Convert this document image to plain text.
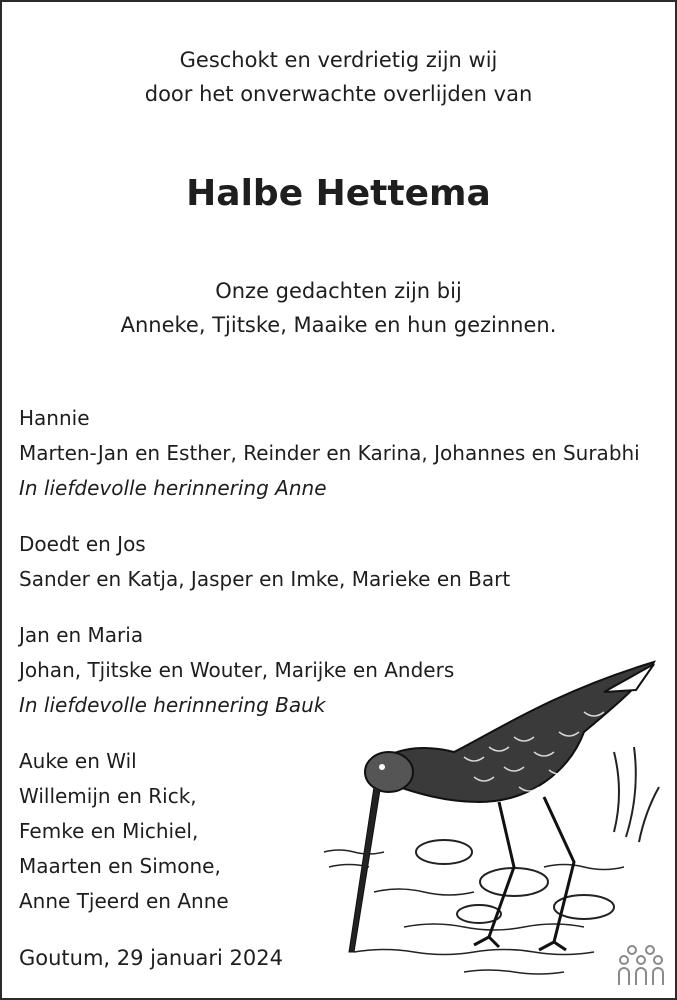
Geschokt en verdrietig zijn wij
door het onverwachte overlijden van
Halbe Hettema
Onze gedachten zijn bij
Anneke, Tjitske, Maaike en hun gezinnen.
Hannie
Marten-Jan en Esther, Reinder en Karina, Johannes en Surabhi
In liefdevolle herinnering Anne
Doedt en Jos
Sander en Katja, Jasper en Imke, Marieke en Bart
Jan en Maria
Johan, Tjitske en Wouter, Marijke en Anders
In liefdevolle herinnering Bauk
Auke en Wil
Willemijn en Rick,
Femke en Michiel,
Maarten en Simone,
Anne Tjeerd en Anne
Goutum, 29 januari 2024
